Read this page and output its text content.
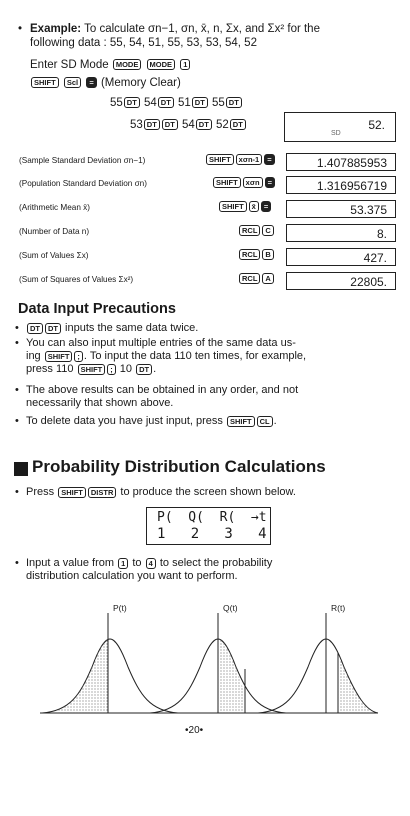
• Example: To calculate σn−1, σn, x̄, n, Σx, and Σx² for the
following data : 55, 54, 51, 55, 53, 53, 54, 52
Enter SD Mode MODE MODE 1
SHIFT Scl = (Memory Clear)
55 DT 54 DT 51 DT 55 DT
53 DT DT 54 DT 52 DT
SD
52.
(Sample Standard Deviation σn−1)	SHIFT xσn-1 =	1.407885953
(Population Standard Deviation σn)	SHIFT xσn =	1.316956719
(Arithmetic Mean x̄)	SHIFT x̄ =	53.375
(Number of Data n)	RCL C	8.
(Sum of Values Σx)	RCL B	427.
(Sum of Squares of Values Σx²)	RCL A	22805.
Data Input Precautions
• DT DT inputs the same data twice.
• You can also input multiple entries of the same data us-
ing SHIFT ; . To input the data 110 ten times, for example,
press 110 SHIFT ; 10 DT .
• The above results can be obtained in any order, and not
necessarily that shown above.
• To delete data you have just input, press SHIFT CL .
Probability Distribution Calculations
• Press SHIFT DISTR to produce the screen shown below.
P(  Q(  R(  →t
1   2   3   4
• Input a value from 1 to 4 to select the probability
distribution calculation you want to perform.
P(t)	Q(t)	R(t)
•20•
